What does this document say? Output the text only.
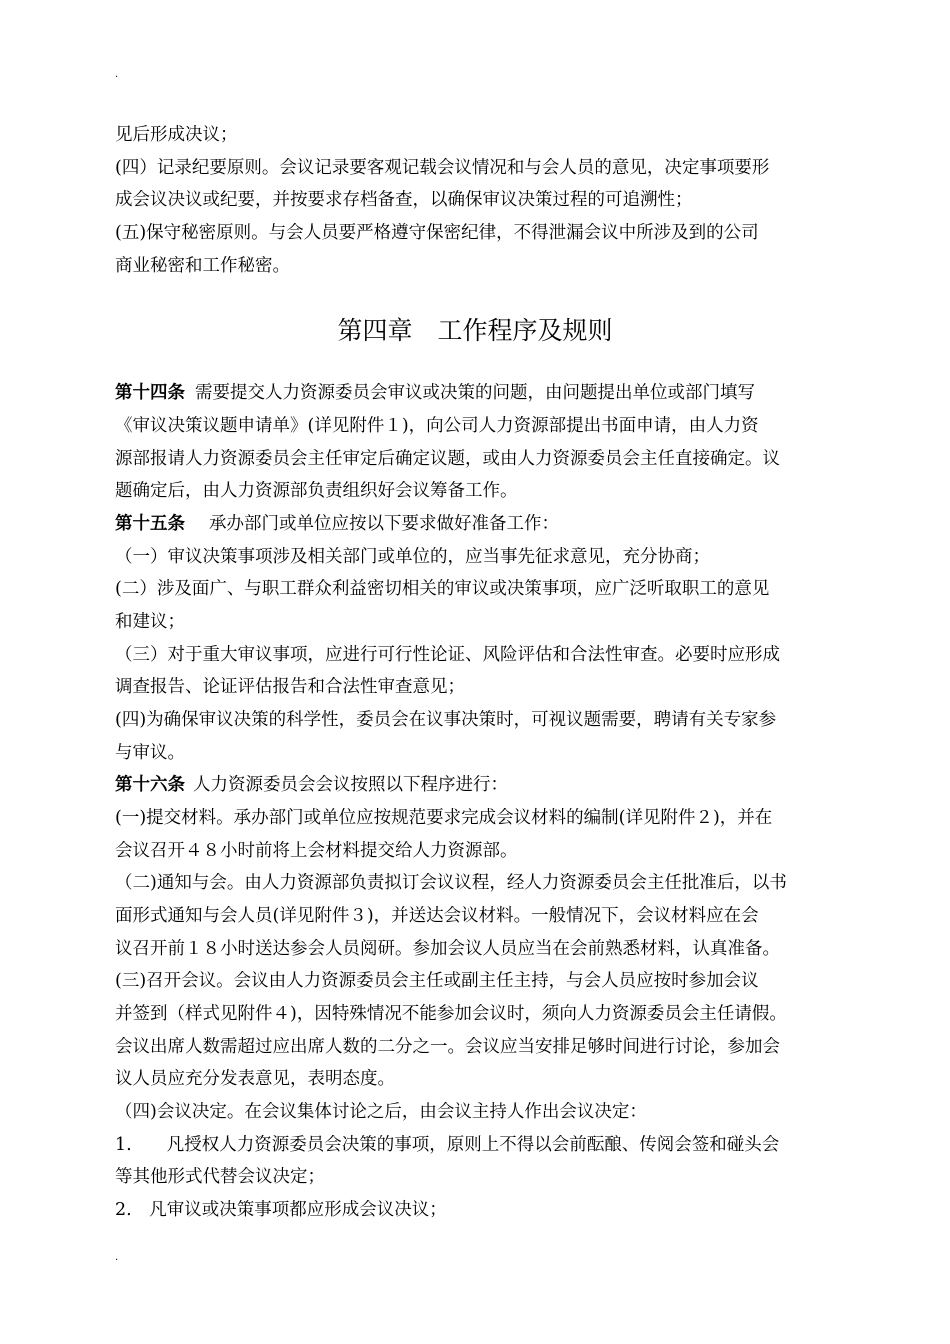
.
见后形成决议；
(四）记录纪要原则。会议记录要客观记载会议情况和与会人员的意见，决定事项要形
成会议决议或纪要，并按要求存档备查，以确保审议决策过程的可追溯性；
(五)保守秘密原则。与会人员要严格遵守保密纪律，不得泄漏会议中所涉及到的公司
商业秘密和工作秘密。
第四章　工作程序及规则
第十四条 需要提交人力资源委员会审议或决策的问题，由问题提出单位或部门填写
《审议决策议题申请单》(详见附件１)，向公司人力资源部提出书面申请，由人力资
源部报请人力资源委员会主任审定后确定议题，或由人力资源委员会主任直接确定。议
题确定后，由人力资源部负责组织好会议筹备工作。
第十五条 承办部门或单位应按以下要求做好准备工作：
（一）审议决策事项涉及相关部门或单位的，应当事先征求意见，充分协商；
(二）涉及面广、与职工群众利益密切相关的审议或决策事项，应广泛听取职工的意见
和建议；
（三）对于重大审议事项，应进行可行性论证、风险评估和合法性审查。必要时应形成
调查报告、论证评估报告和合法性审查意见；
(四)为确保审议决策的科学性，委员会在议事决策时，可视议题需要，聘请有关专家参
与审议。
第十六条 人力资源委员会会议按照以下程序进行：
(一)提交材料。承办部门或单位应按规范要求完成会议材料的编制(详见附件２)，并在
会议召开４８小时前将上会材料提交给人力资源部。
（二)通知与会。由人力资源部负责拟订会议议程，经人力资源委员会主任批准后，以书
面形式通知与会人员(详见附件３)，并送达会议材料。一般情况下，会议材料应在会
议召开前１８小时送达参会人员阅研。参加会议人员应当在会前熟悉材料，认真准备。
(三)召开会议。会议由人力资源委员会主任或副主任主持，与会人员应按时参加会议
并签到（样式见附件４)，因特殊情况不能参加会议时，须向人力资源委员会主任请假。
会议出席人数需超过应出席人数的二分之一。会议应当安排足够时间进行讨论，参加会
议人员应充分发表意见，表明态度。
（四)会议决定。在会议集体讨论之后，由会议主持人作出会议决定：
1.　　凡授权人力资源委员会决策的事项，原则上不得以会前酝酿、传阅会签和碰头会
等其他形式代替会议决定；
2.　凡审议或决策事项都应形成会议决议；
.
